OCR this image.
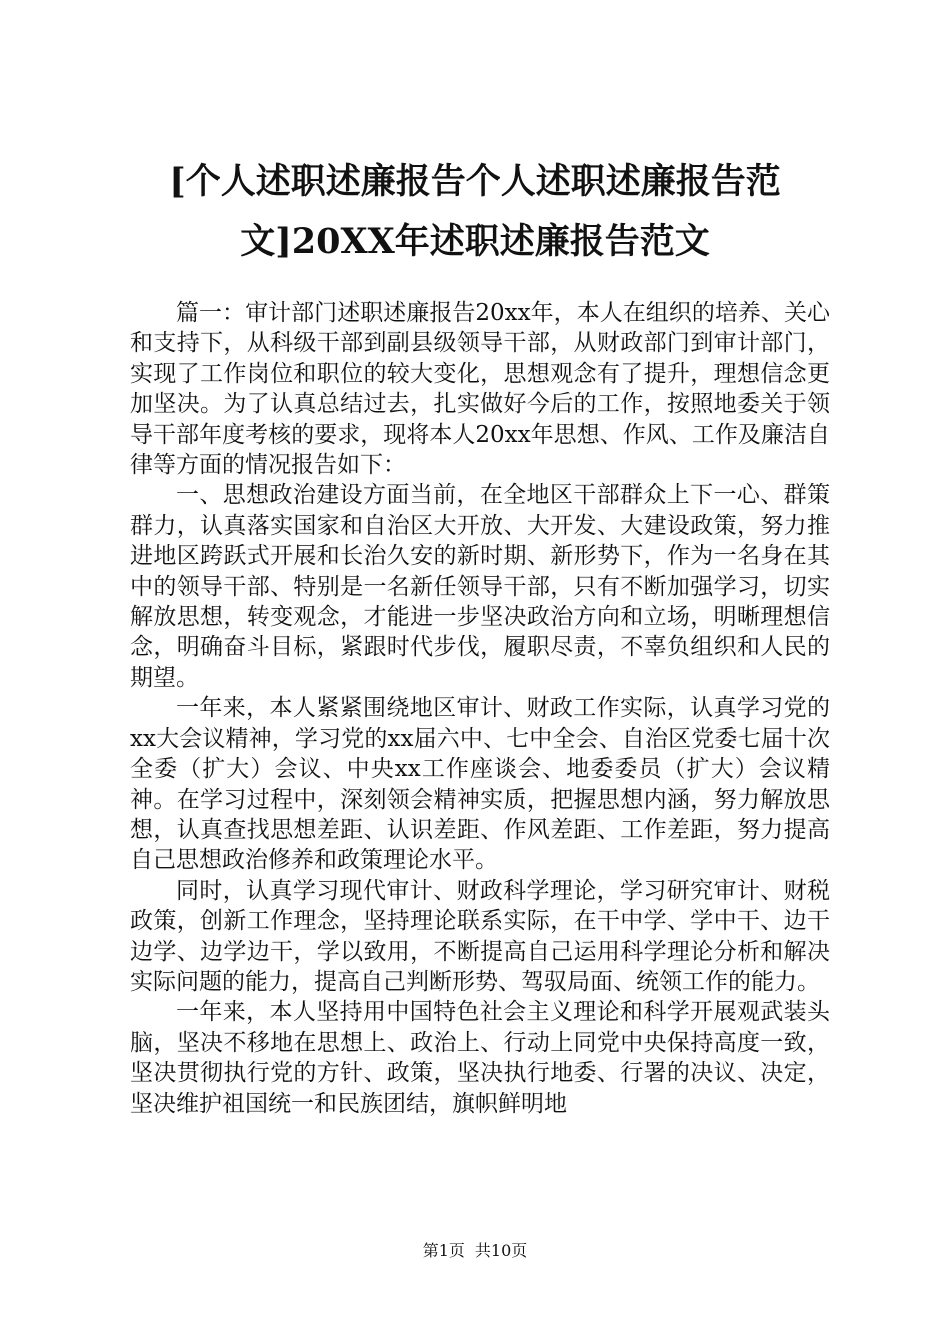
[个人述职述廉报告个人述职述廉报告范
文]20XX年述职述廉报告范文

篇一：审计部门述职述廉报告20xx年，本人在组织的培养、关心和支持下，从科级干部到副县级领导干部，从财政部门到审计部门，实现了工作岗位和职位的较大变化，思想观念有了提升，理想信念更加坚决。为了认真总结过去，扎实做好今后的工作，按照地委关于领导干部年度考核的要求，现将本人20xx年思想、作风、工作及廉洁自律等方面的情况报告如下：

一、思想政治建设方面当前，在全地区干部群众上下一心、群策群力，认真落实国家和自治区大开放、大开发、大建设政策，努力推进地区跨跃式开展和长治久安的新时期、新形势下，作为一名身在其中的领导干部、特别是一名新任领导干部，只有不断加强学习，切实解放思想，转变观念，才能进一步坚决政治方向和立场，明晰理想信念，明确奋斗目标，紧跟时代步伐，履职尽责，不辜负组织和人民的期望。

一年来，本人紧紧围绕地区审计、财政工作实际，认真学习党的xx大会议精神，学习党的xx届六中、七中全会、自治区党委七届十次全委（扩大）会议、中央xx工作座谈会、地委委员（扩大）会议精神。在学习过程中，深刻领会精神实质，把握思想内涵，努力解放思想，认真查找思想差距、认识差距、作风差距、工作差距，努力提高自己思想政治修养和政策理论水平。

同时，认真学习现代审计、财政科学理论，学习研究审计、财税政策，创新工作理念，坚持理论联系实际，在干中学、学中干、边干边学、边学边干，学以致用，不断提高自己运用科学理论分析和解决实际问题的能力，提高自己判断形势、驾驭局面、统领工作的能力。

一年来，本人坚持用中国特色社会主义理论和科学开展观武装头脑，坚决不移地在思想上、政治上、行动上同党中央保持高度一致，坚决贯彻执行党的方针、政策，坚决执行地委、行署的决议、决定，坚决维护祖国统一和民族团结，旗帜鲜明地

第1页 共10页
